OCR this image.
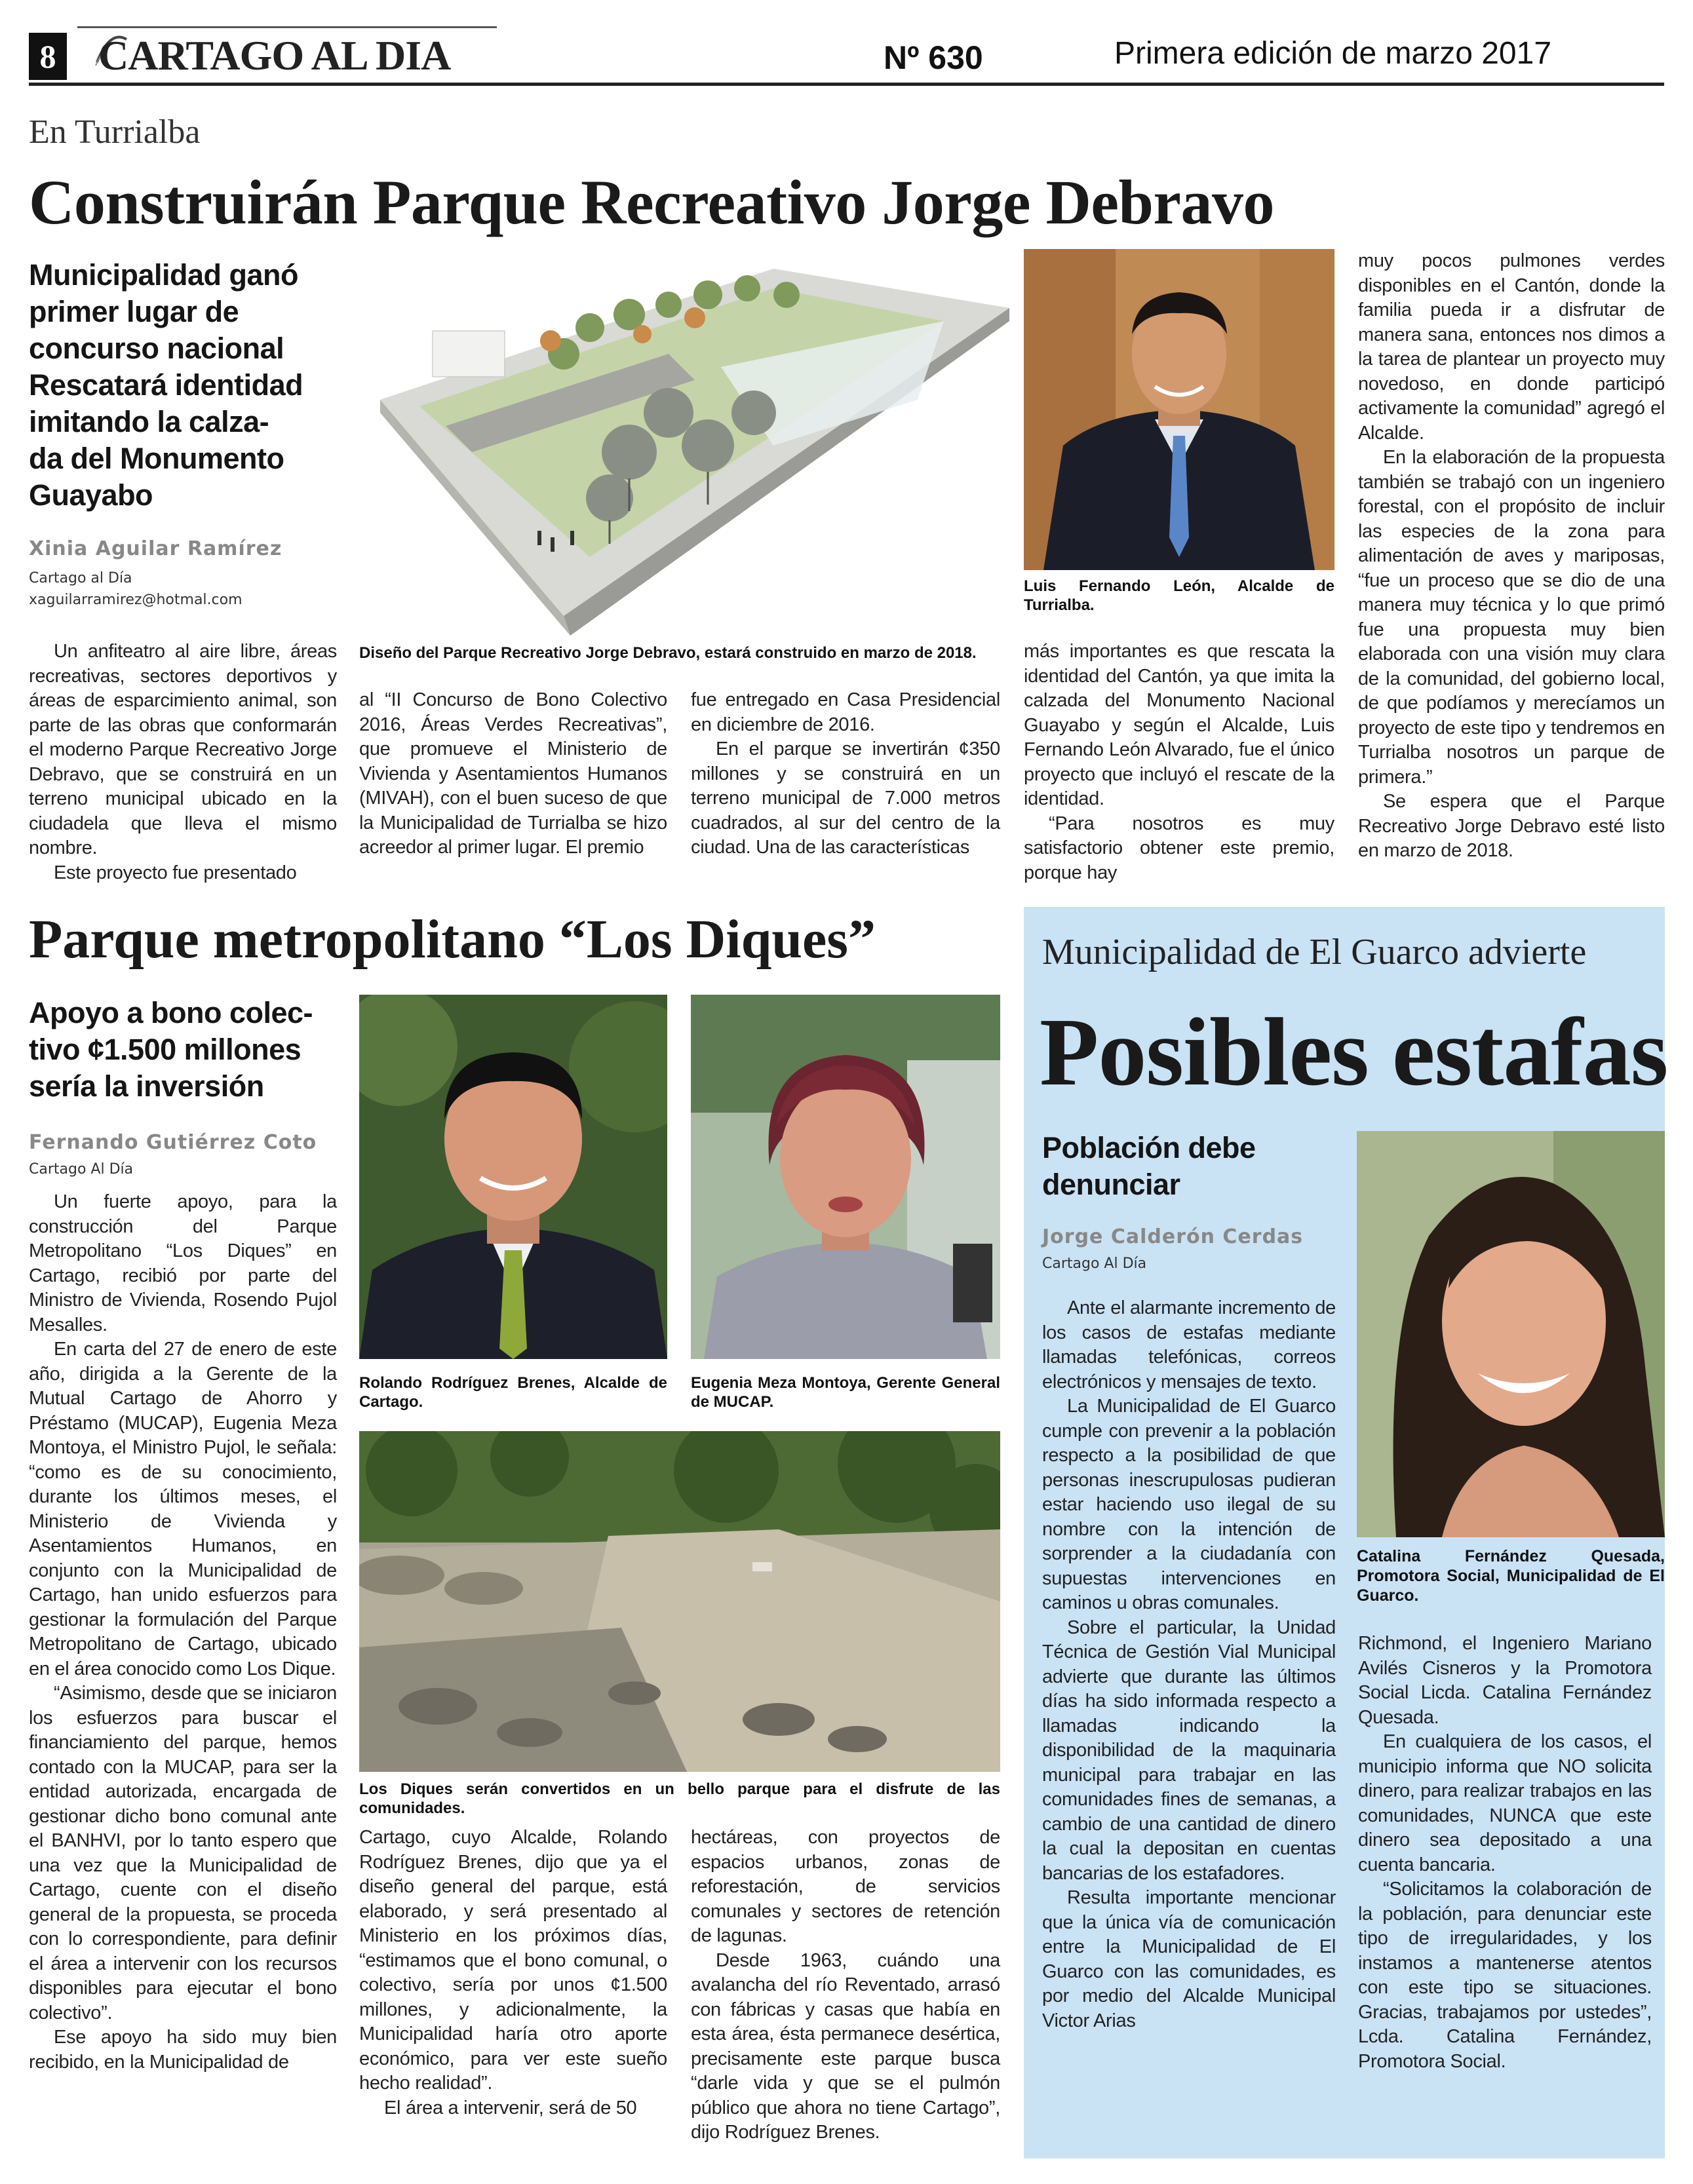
8 CARTAGO AL DIA	Nº 630	Primera edición de marzo 2017
En Turrialba
Construirán Parque Recreativo Jorge Debravo
Municipalidad ganó
primer lugar de
concurso nacional
Rescatará identidad
imitando la calza-
da del Monumento
Guayabo
Xinia Aguilar Ramírez
Cartago al Día
xaguilarramirez@hotmal.com
Diseño del Parque Recreativo Jorge Debravo, estará construido en marzo de 2018.
Luis Fernando León, Alcalde de Turrialba.

Un anfiteatro al aire libre, áreas recreativas, sectores deportivos y áreas de esparcimiento animal, son parte de las obras que conformarán el moderno Parque Recreativo Jorge Debravo, que se construirá en un terreno municipal ubicado en la ciudadela que lleva el mismo nombre.

Este proyecto fue presentado

al “II Concurso de Bono Colectivo 2016, Áreas Verdes Recreativas”, que promueve el Ministerio de Vivienda y Asentamientos Humanos (MIVAH), con el buen suceso de que la Municipalidad de Turrialba se hizo acreedor al primer lugar. El premio

fue entregado en Casa Presidencial en diciembre de 2016.

En el parque se invertirán ¢350 millones y se construirá en un terreno municipal de 7.000 metros cuadrados, al sur del centro de la ciudad. Una de las características

más importantes es que rescata la identidad del Cantón, ya que imita la calzada del Monumento Nacional Guayabo y según el Alcalde, Luis Fernando León Alvarado, fue el único proyecto que incluyó el rescate de la identidad.

“Para nosotros es muy satisfactorio obtener este premio, porque hay

muy pocos pulmones verdes disponibles en el Cantón, donde la familia pueda ir a disfrutar de manera sana, entonces nos dimos a la tarea de plantear un proyecto muy novedoso, en donde participó activamente la comunidad” agregó el Alcalde.

En la elaboración de la propuesta también se trabajó con un ingeniero forestal, con el propósito de incluir las especies de la zona para alimentación de aves y mariposas, “fue un proceso que se dio de una manera muy técnica y lo que primó fue una propuesta muy bien elaborada con una visión muy clara de la comunidad, del gobierno local, de que podíamos y merecíamos un proyecto de este tipo y tendremos en Turrialba nosotros un parque de primera.”

Se espera que el Parque Recreativo Jorge Debravo esté listo en marzo de 2018.

Parque metropolitano “Los Diques”
Apoyo a bono colec-
tivo ¢1.500 millones
sería la inversión
Fernando Gutiérrez Coto
Cartago Al Día
Rolando Rodríguez Brenes, Alcalde de Cartago.
Eugenia Meza Montoya, Gerente General de MUCAP.
Los Diques serán convertidos en un bello parque para el disfrute de las comunidades.

Un fuerte apoyo, para la construcción del Parque Metropolitano “Los Diques” en Cartago, recibió por parte del Ministro de Vivienda, Rosendo Pujol Mesalles.

En carta del 27 de enero de este año, dirigida a la Gerente de la Mutual Cartago de Ahorro y Préstamo (MUCAP), Eugenia Meza Montoya, el Ministro Pujol, le señala: “como es de su conocimiento, durante los últimos meses, el Ministerio de Vivienda y Asentamientos Humanos, en conjunto con la Municipalidad de Cartago, han unido esfuerzos para gestionar la formulación del Parque Metropolitano de Cartago, ubicado en el área conocido como Los Dique.

“Asimismo, desde que se iniciaron los esfuerzos para buscar el financiamiento del parque, hemos contado con la MUCAP, para ser la entidad autorizada, encargada de gestionar dicho bono comunal ante el BANHVI, por lo tanto espero que una vez que la Municipalidad de Cartago, cuente con el diseño general de la propuesta, se proceda con lo correspondiente, para definir el área a intervenir con los recursos disponibles para ejecutar el bono colectivo”.

Ese apoyo ha sido muy bien recibido, en la Municipalidad de

Cartago, cuyo Alcalde, Rolando Rodríguez Brenes, dijo que ya el diseño general del parque, está elaborado, y será presentado al Ministerio en los próximos días, “estimamos que el bono comunal, o colectivo, sería por unos ¢1.500 millones, y adicionalmente, la Municipalidad haría otro aporte económico, para ver este sueño hecho realidad”.

El área a intervenir, será de 50

hectáreas, con proyectos de espacios urbanos, zonas de reforestación, de servicios comunales y sectores de retención de lagunas.

Desde 1963, cuándo una avalancha del río Reventado, arrasó con fábricas y casas que había en esta área, ésta permanece desértica, precisamente este parque busca “darle vida y que se el pulmón público que ahora no tiene Cartago”, dijo Rodríguez Brenes.

Municipalidad de El Guarco advierte
Posibles estafas
Población debe
denunciar
Jorge Calderón Cerdas
Cartago Al Día
Catalina Fernández Quesada, Promotora Social, Municipalidad de El Guarco.

Ante el alarmante incremento de los casos de estafas mediante llamadas telefónicas, correos electrónicos y mensajes de texto.

La Municipalidad de El Guarco cumple con prevenir a la población respecto a la posibilidad de que personas inescrupulosas pudieran estar haciendo uso ilegal de su nombre con la intención de sorprender a la ciudadanía con supuestas intervenciones en caminos u obras comunales.

Sobre el particular, la Unidad Técnica de Gestión Vial Municipal advierte que durante las últimos días ha sido informada respecto a llamadas indicando la disponibilidad de la maquinaria municipal para trabajar en las comunidades fines de semanas, a cambio de una cantidad de dinero la cual la depositan en cuentas bancarias de los estafadores.

Resulta importante mencionar que la única vía de comunicación entre la Municipalidad de El Guarco con las comunidades, es por medio del Alcalde Municipal Victor Arias

Richmond, el Ingeniero Mariano Avilés Cisneros y la Promotora Social Licda. Catalina Fernández Quesada.

En cualquiera de los casos, el municipio informa que NO solicita dinero, para realizar trabajos en las comunidades, NUNCA que este dinero sea depositado a una cuenta bancaria.

“Solicitamos la colaboración de la población, para denunciar este tipo de irregularidades, y los instamos a mantenerse atentos con este tipo se situaciones. Gracias, trabajamos por ustedes”, Lcda. Catalina Fernández, Promotora Social.
